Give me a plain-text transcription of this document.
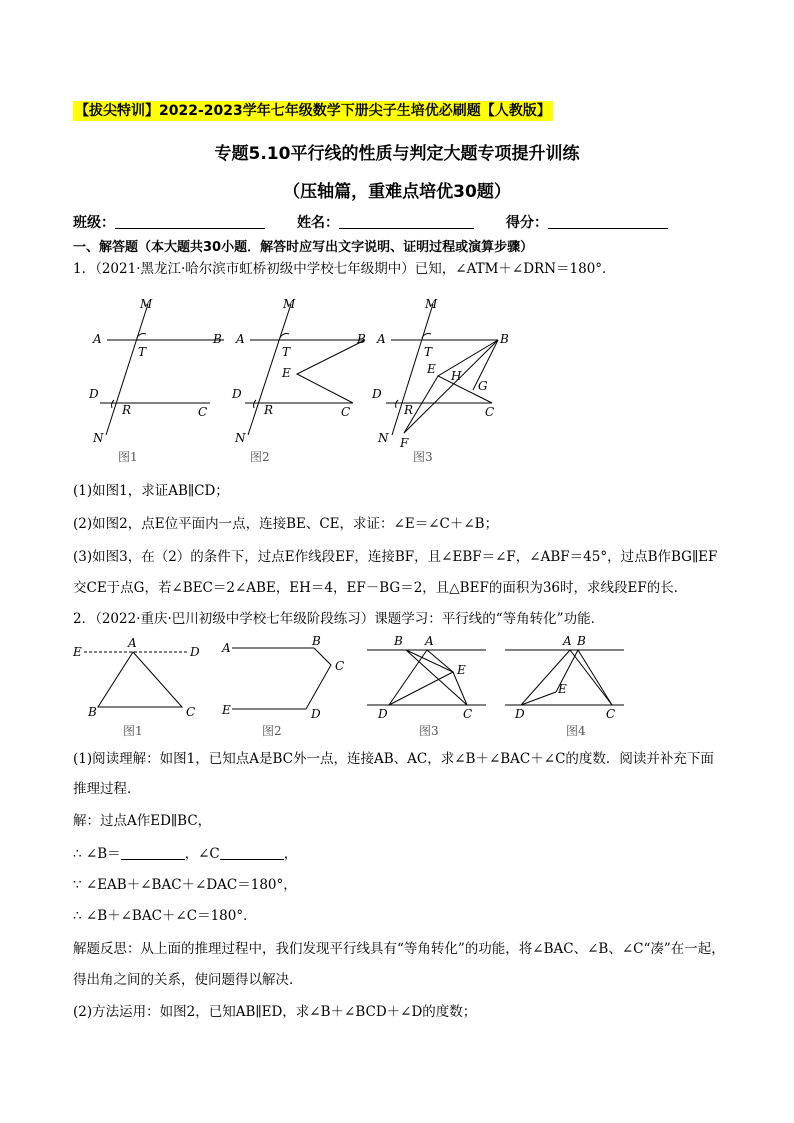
【拔尖特训】2022-2023学年七年级数学下册尖子生培优必刷题【人教版】
专题5.10平行线的性质与判定大题专项提升训练
（压轴篇，重难点培优30题）
班级：	姓名：	得分：
一、解答题（本大题共30小题．解答时应写出文字说明、证明过程或演算步骤）
1．（2021·黑龙江·哈尔滨市虹桥初级中学校七年级期中）已知，∠ATM＋∠DRN＝180°．
A	B
M
T
D
R	C
N
A	B
M
T
E
D
R	C
N
A	B
M
T
E H
G
D
R	C
N F
图1	图2	图3
(1)如图1，求证AB∥CD；
(2)如图2，点E位平面内一点，连接BE、CE，求证：∠E＝∠C＋∠B；
(3)如图3，在（2）的条件下，过点E作线段EF，连接BF，且∠EBF＝∠F，∠ABF＝45°，过点B作BG∥EF
交CE于点G，若∠BEC＝2∠ABE，EH＝4，EF－BG＝2，且△BEF的面积为36时，求线段EF的长．
2．（2022·重庆·巴川初级中学校七年级阶段练习）课题学习：平行线的“等角转化”功能．
E
A
D
B	C
A	B
C
E	D
B A
E
D	C
A B
E
D	C
图1	图2	图3	图4
(1)阅读理解：如图1，已知点A是BC外一点，连接AB、AC，求∠B＋∠BAC＋∠C的度数．阅读并补充下面
推理过程．
解：过点A作ED∥BC，
∴ ∠B＝	，∠C	，
∵ ∠EAB＋∠BAC＋∠DAC＝180°，
∴ ∠B＋∠BAC＋∠C＝180°．
解题反思：从上面的推理过程中，我们发现平行线具有“等角转化”的功能，将∠BAC、∠B、∠C“凑”在一起，
得出角之间的关系，使问题得以解决．
(2)方法运用：如图2，已知AB∥ED，求∠B＋∠BCD＋∠D的度数；
